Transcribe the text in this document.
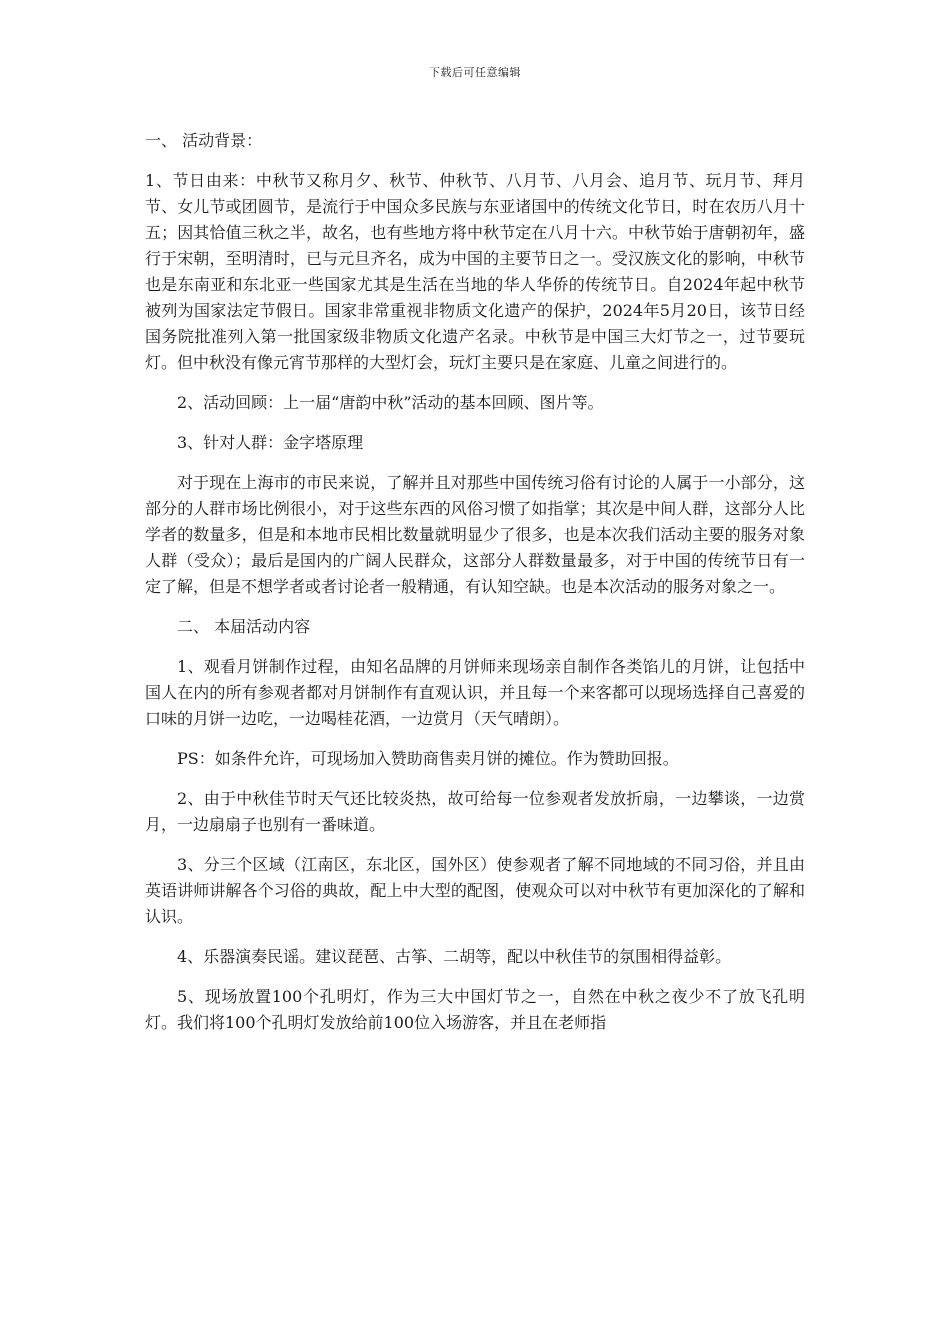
下载后可任意编辑

一、 活动背景：

1、节日由来：中秋节又称月夕、秋节、仲秋节、八月节、八月会、追月节、玩月节、拜月节、女儿节或团圆节，是流行于中国众多民族与东亚诸国中的传统文化节日，时在农历八月十五；因其恰值三秋之半，故名，也有些地方将中秋节定在八月十六。中秋节始于唐朝初年，盛行于宋朝，至明清时，已与元旦齐名，成为中国的主要节日之一。受汉族文化的影响，中秋节也是东南亚和东北亚一些国家尤其是生活在当地的华人华侨的传统节日。自2024年起中秋节被列为国家法定节假日。国家非常重视非物质文化遗产的保护，2024年5月20日，该节日经国务院批准列入第一批国家级非物质文化遗产名录。中秋节是中国三大灯节之一，过节要玩灯。但中秋没有像元宵节那样的大型灯会，玩灯主要只是在家庭、儿童之间进行的。

2、活动回顾：上一届“唐韵中秋”活动的基本回顾、图片等。

3、针对人群：金字塔原理

对于现在上海市的市民来说，了解并且对那些中国传统习俗有讨论的人属于一小部分，这部分的人群市场比例很小，对于这些东西的风俗习惯了如指掌；其次是中间人群，这部分人比学者的数量多，但是和本地市民相比数量就明显少了很多，也是本次我们活动主要的服务对象人群（受众）；最后是国内的广阔人民群众，这部分人群数量最多，对于中国的传统节日有一定了解，但是不想学者或者讨论者一般精通，有认知空缺。也是本次活动的服务对象之一。

二、 本届活动内容

1、观看月饼制作过程，由知名品牌的月饼师来现场亲自制作各类馅儿的月饼，让包括中国人在内的所有参观者都对月饼制作有直观认识，并且每一个来客都可以现场选择自己喜爱的口味的月饼一边吃，一边喝桂花酒，一边赏月（天气晴朗）。

PS：如条件允许，可现场加入赞助商售卖月饼的摊位。作为赞助回报。

2、由于中秋佳节时天气还比较炎热，故可给每一位参观者发放折扇，一边攀谈，一边赏月，一边扇扇子也别有一番味道。

3、分三个区域（江南区，东北区，国外区）使参观者了解不同地域的不同习俗，并且由英语讲师讲解各个习俗的典故，配上中大型的配图，使观众可以对中秋节有更加深化的了解和认识。

4、乐器演奏民谣。建议琵琶、古筝、二胡等，配以中秋佳节的氛围相得益彰。

5、现场放置100个孔明灯，作为三大中国灯节之一，自然在中秋之夜少不了放飞孔明灯。我们将100个孔明灯发放给前100位入场游客，并且在老师指
